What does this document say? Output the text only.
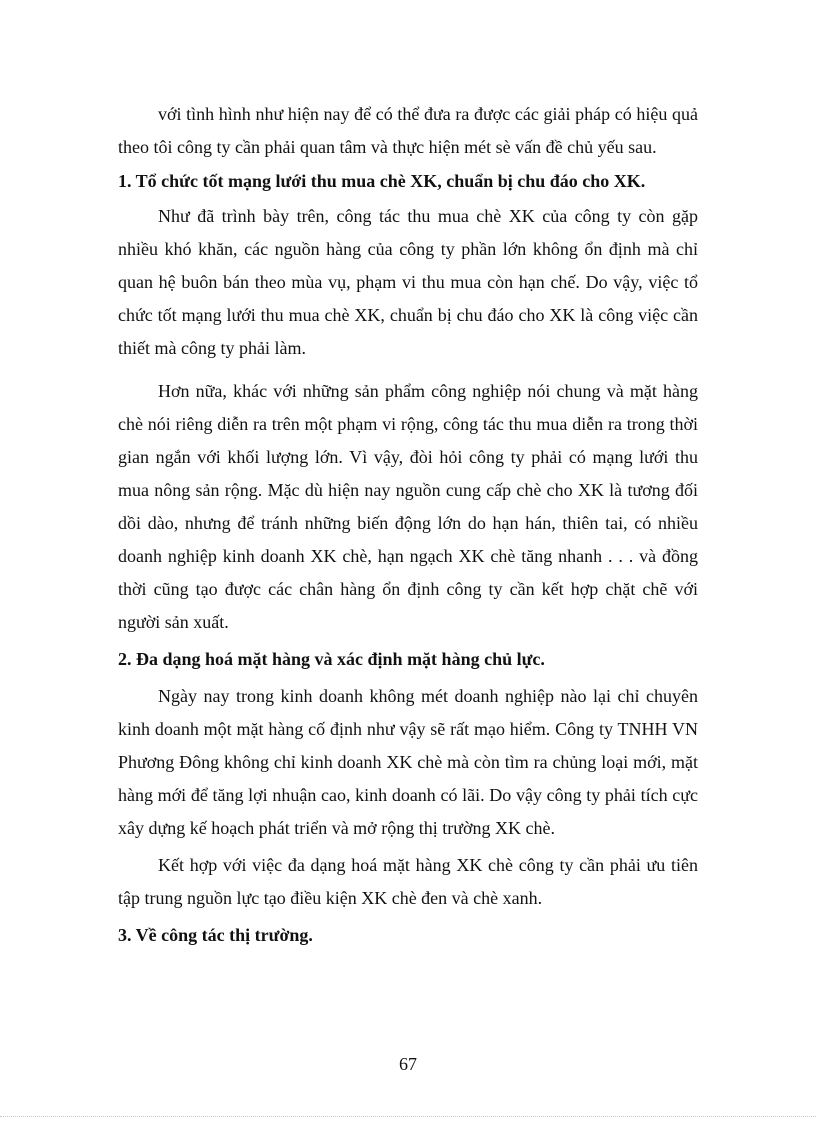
với tình hình như hiện nay để có thể đưa ra được các giải pháp có hiệu quả theo tôi công ty cần phải quan tâm và thực hiện mét sè vấn đề chủ yếu sau.

1. Tổ chức tốt mạng lưới thu mua chè XK, chuẩn bị chu đáo cho XK.

Như đã trình bày trên, công tác thu mua chè XK của công ty còn gặp nhiều khó khăn, các nguồn hàng của công ty phần lớn không ổn định mà chỉ quan hệ buôn bán theo mùa vụ, phạm vi thu mua còn hạn chế. Do vậy, việc tổ chức tốt mạng lưới thu mua chè XK, chuẩn bị chu đáo cho XK là công việc cần thiết mà công ty phải làm.

Hơn nữa, khác với những sản phẩm công nghiệp nói chung và mặt hàng chè nói riêng diễn ra trên một phạm vi rộng, công tác thu mua diễn ra trong thời gian ngắn với khối lượng lớn. Vì vậy, đòi hỏi công ty phải có mạng lưới thu mua nông sản rộng. Mặc dù hiện nay nguồn cung cấp chè cho XK là tương đối dồi dào, nhưng để tránh những biến động lớn do hạn hán, thiên tai, có nhiều doanh nghiệp kinh doanh XK chè, hạn ngạch XK chè tăng nhanh . . . và đồng thời cũng tạo được các chân hàng ổn định công ty cần kết hợp chặt chẽ với người sản xuất.

2. Đa dạng hoá mặt hàng và xác định mặt hàng chủ lực.

Ngày nay trong kinh doanh không mét doanh nghiệp nào lại chỉ chuyên kinh doanh một mặt hàng cố định như vậy sẽ rất mạo hiểm. Công ty TNHH VN Phương Đông không chỉ kinh doanh XK chè mà còn tìm ra chủng loại mới, mặt hàng mới để tăng lợi nhuận cao, kinh doanh có lãi. Do vậy công ty phải tích cực xây dựng kế hoạch phát triển và mở rộng thị trường XK chè.

Kết hợp với việc đa dạng hoá mặt hàng XK chè công ty cần phải ưu tiên tập trung nguồn lực tạo điều kiện XK chè đen và chè xanh.

3. Về công tác thị trường.

67
